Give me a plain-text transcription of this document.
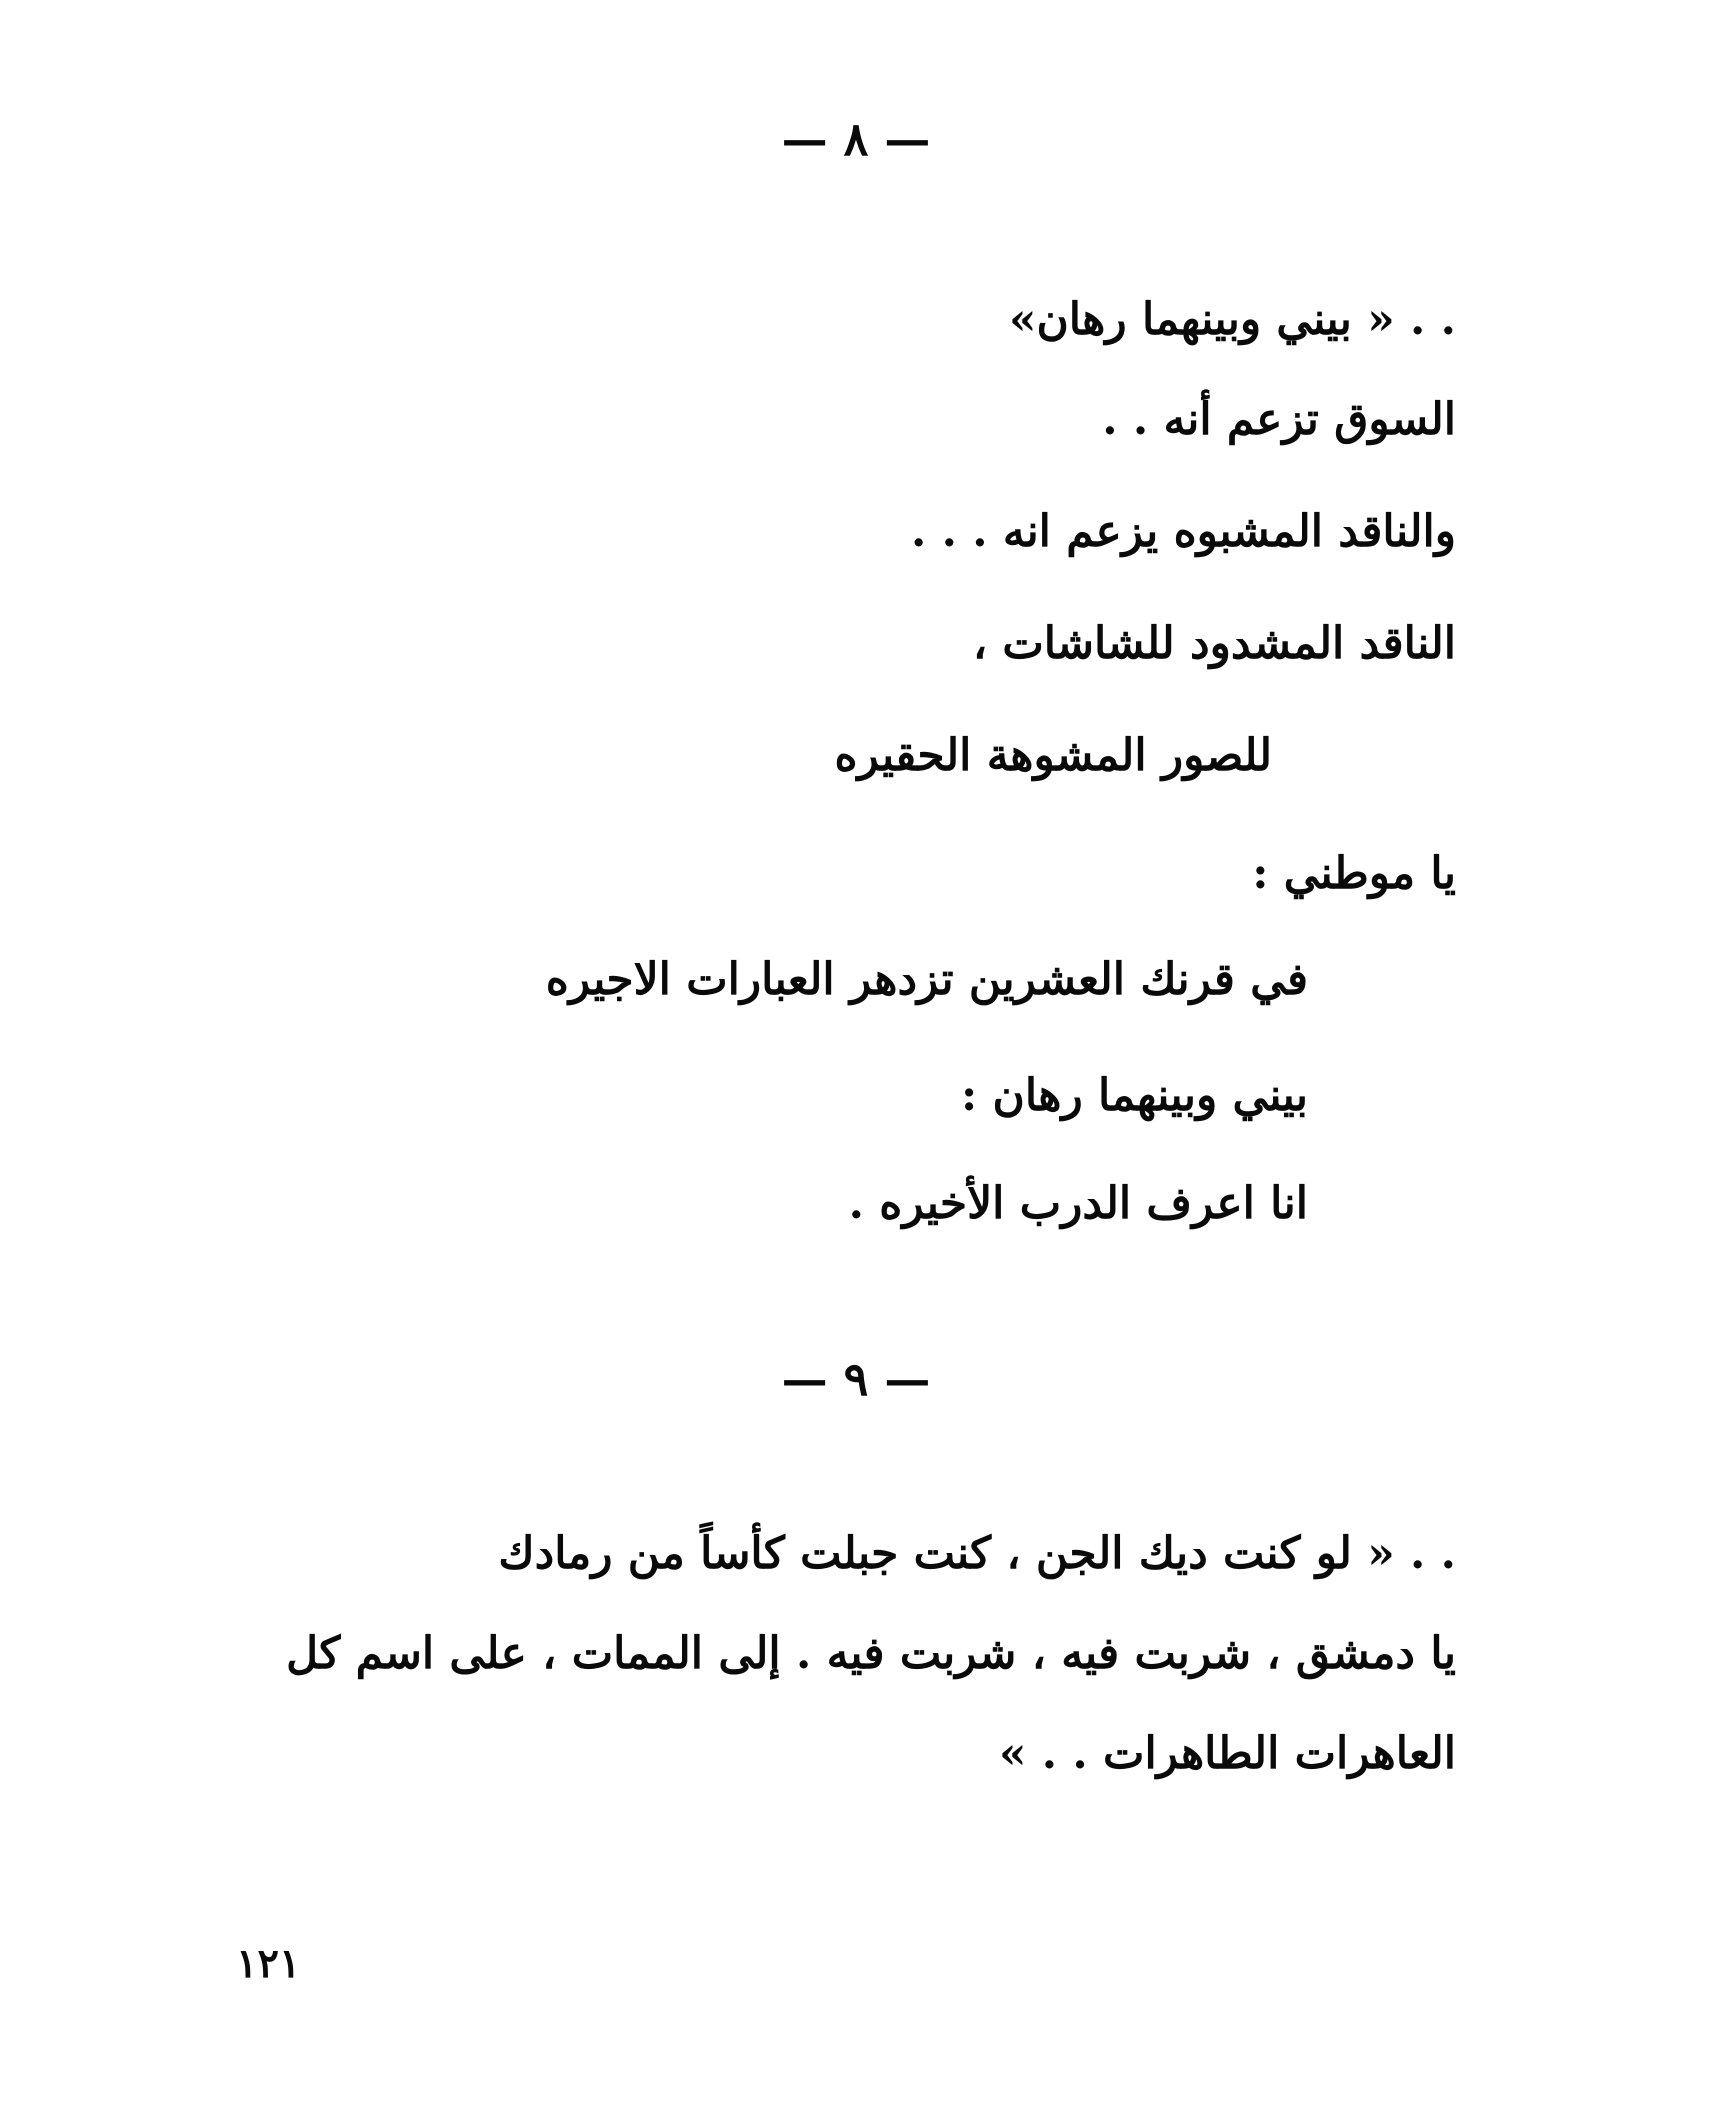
— ٨ —
. . « بيني وبينهما رهان»
السوق تزعم أنه . .
والناقد المشبوه يزعم انه . . .
الناقد المشدود للشاشات ،
للصور المشوهة الحقيره
يا موطني :
في قرنك العشرين تزدهر العبارات الاجيره
بيني وبينهما رهان :
انا اعرف الدرب الأخيره .
— ٩ —
. . « لو كنت ديك الجن ، كنت جبلت كأساً من رمادك
يا دمشق ، شربت فيه ، شربت فيه . إلى الممات ، على اسم كل
العاهرات الطاهرات . . »
١٢١
